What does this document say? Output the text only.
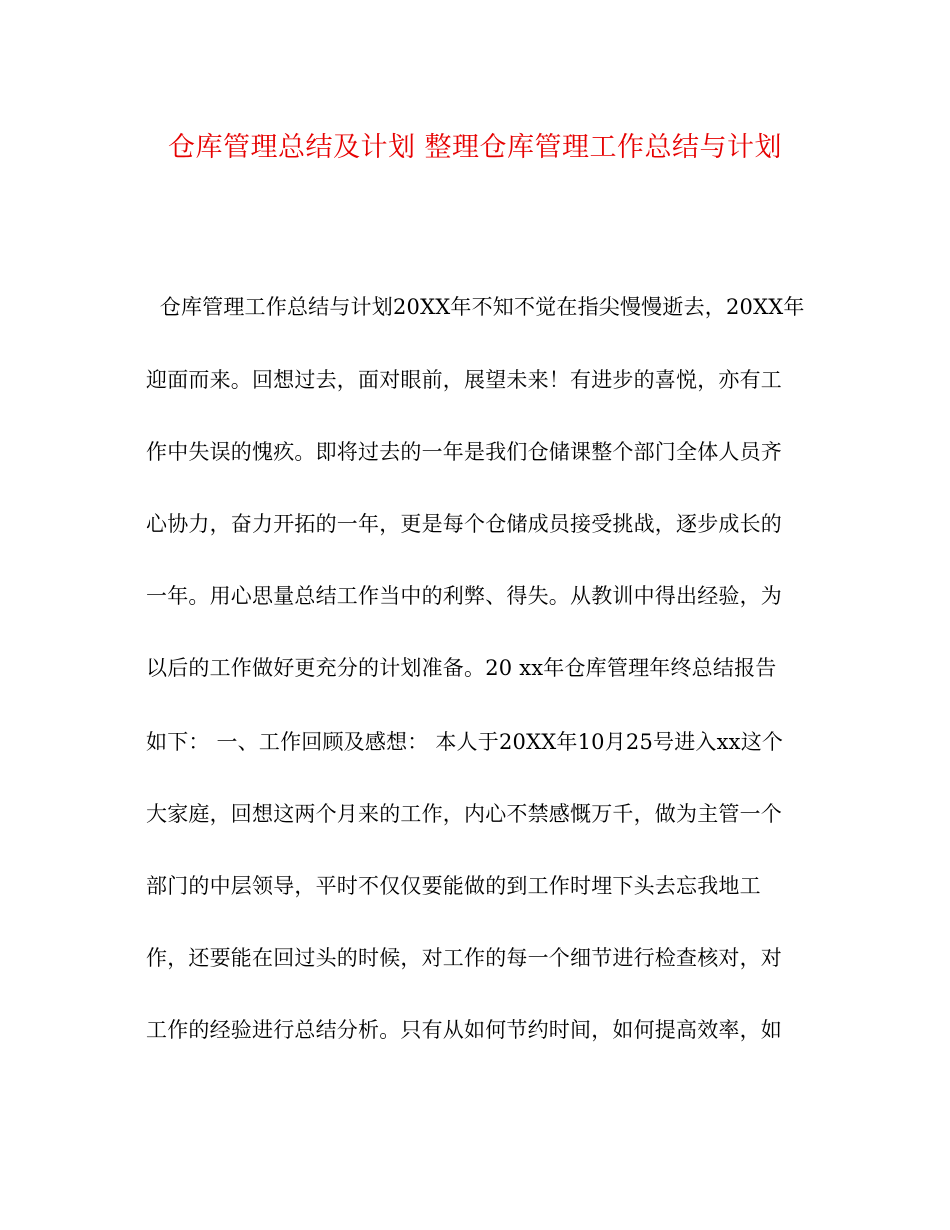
仓库管理总结及计划 整理仓库管理工作总结与计划
仓库管理工作总结与计划20XX年不知不觉在指尖慢慢逝去，20XX年
迎面而来。回想过去，面对眼前，展望未来！有进步的喜悦，亦有工
作中失误的愧疚。即将过去的一年是我们仓储课整个部门全体人员齐
心协力，奋力开拓的一年，更是每个仓储成员接受挑战，逐步成长的
一年。用心思量总结工作当中的利弊、得失。从教训中得出经验，为
以后的工作做好更充分的计划准备。20 xx年仓库管理年终总结报告
如下： 一、工作回顾及感想： 本人于20XX年10月25号进入xx这个
大家庭，回想这两个月来的工作，内心不禁感慨万千，做为主管一个
部门的中层领导，平时不仅仅要能做的到工作时埋下头去忘我地工
作，还要能在回过头的时候，对工作的每一个细节进行检查核对，对
工作的经验进行总结分析。只有从如何节约时间，如何提高效率，如
